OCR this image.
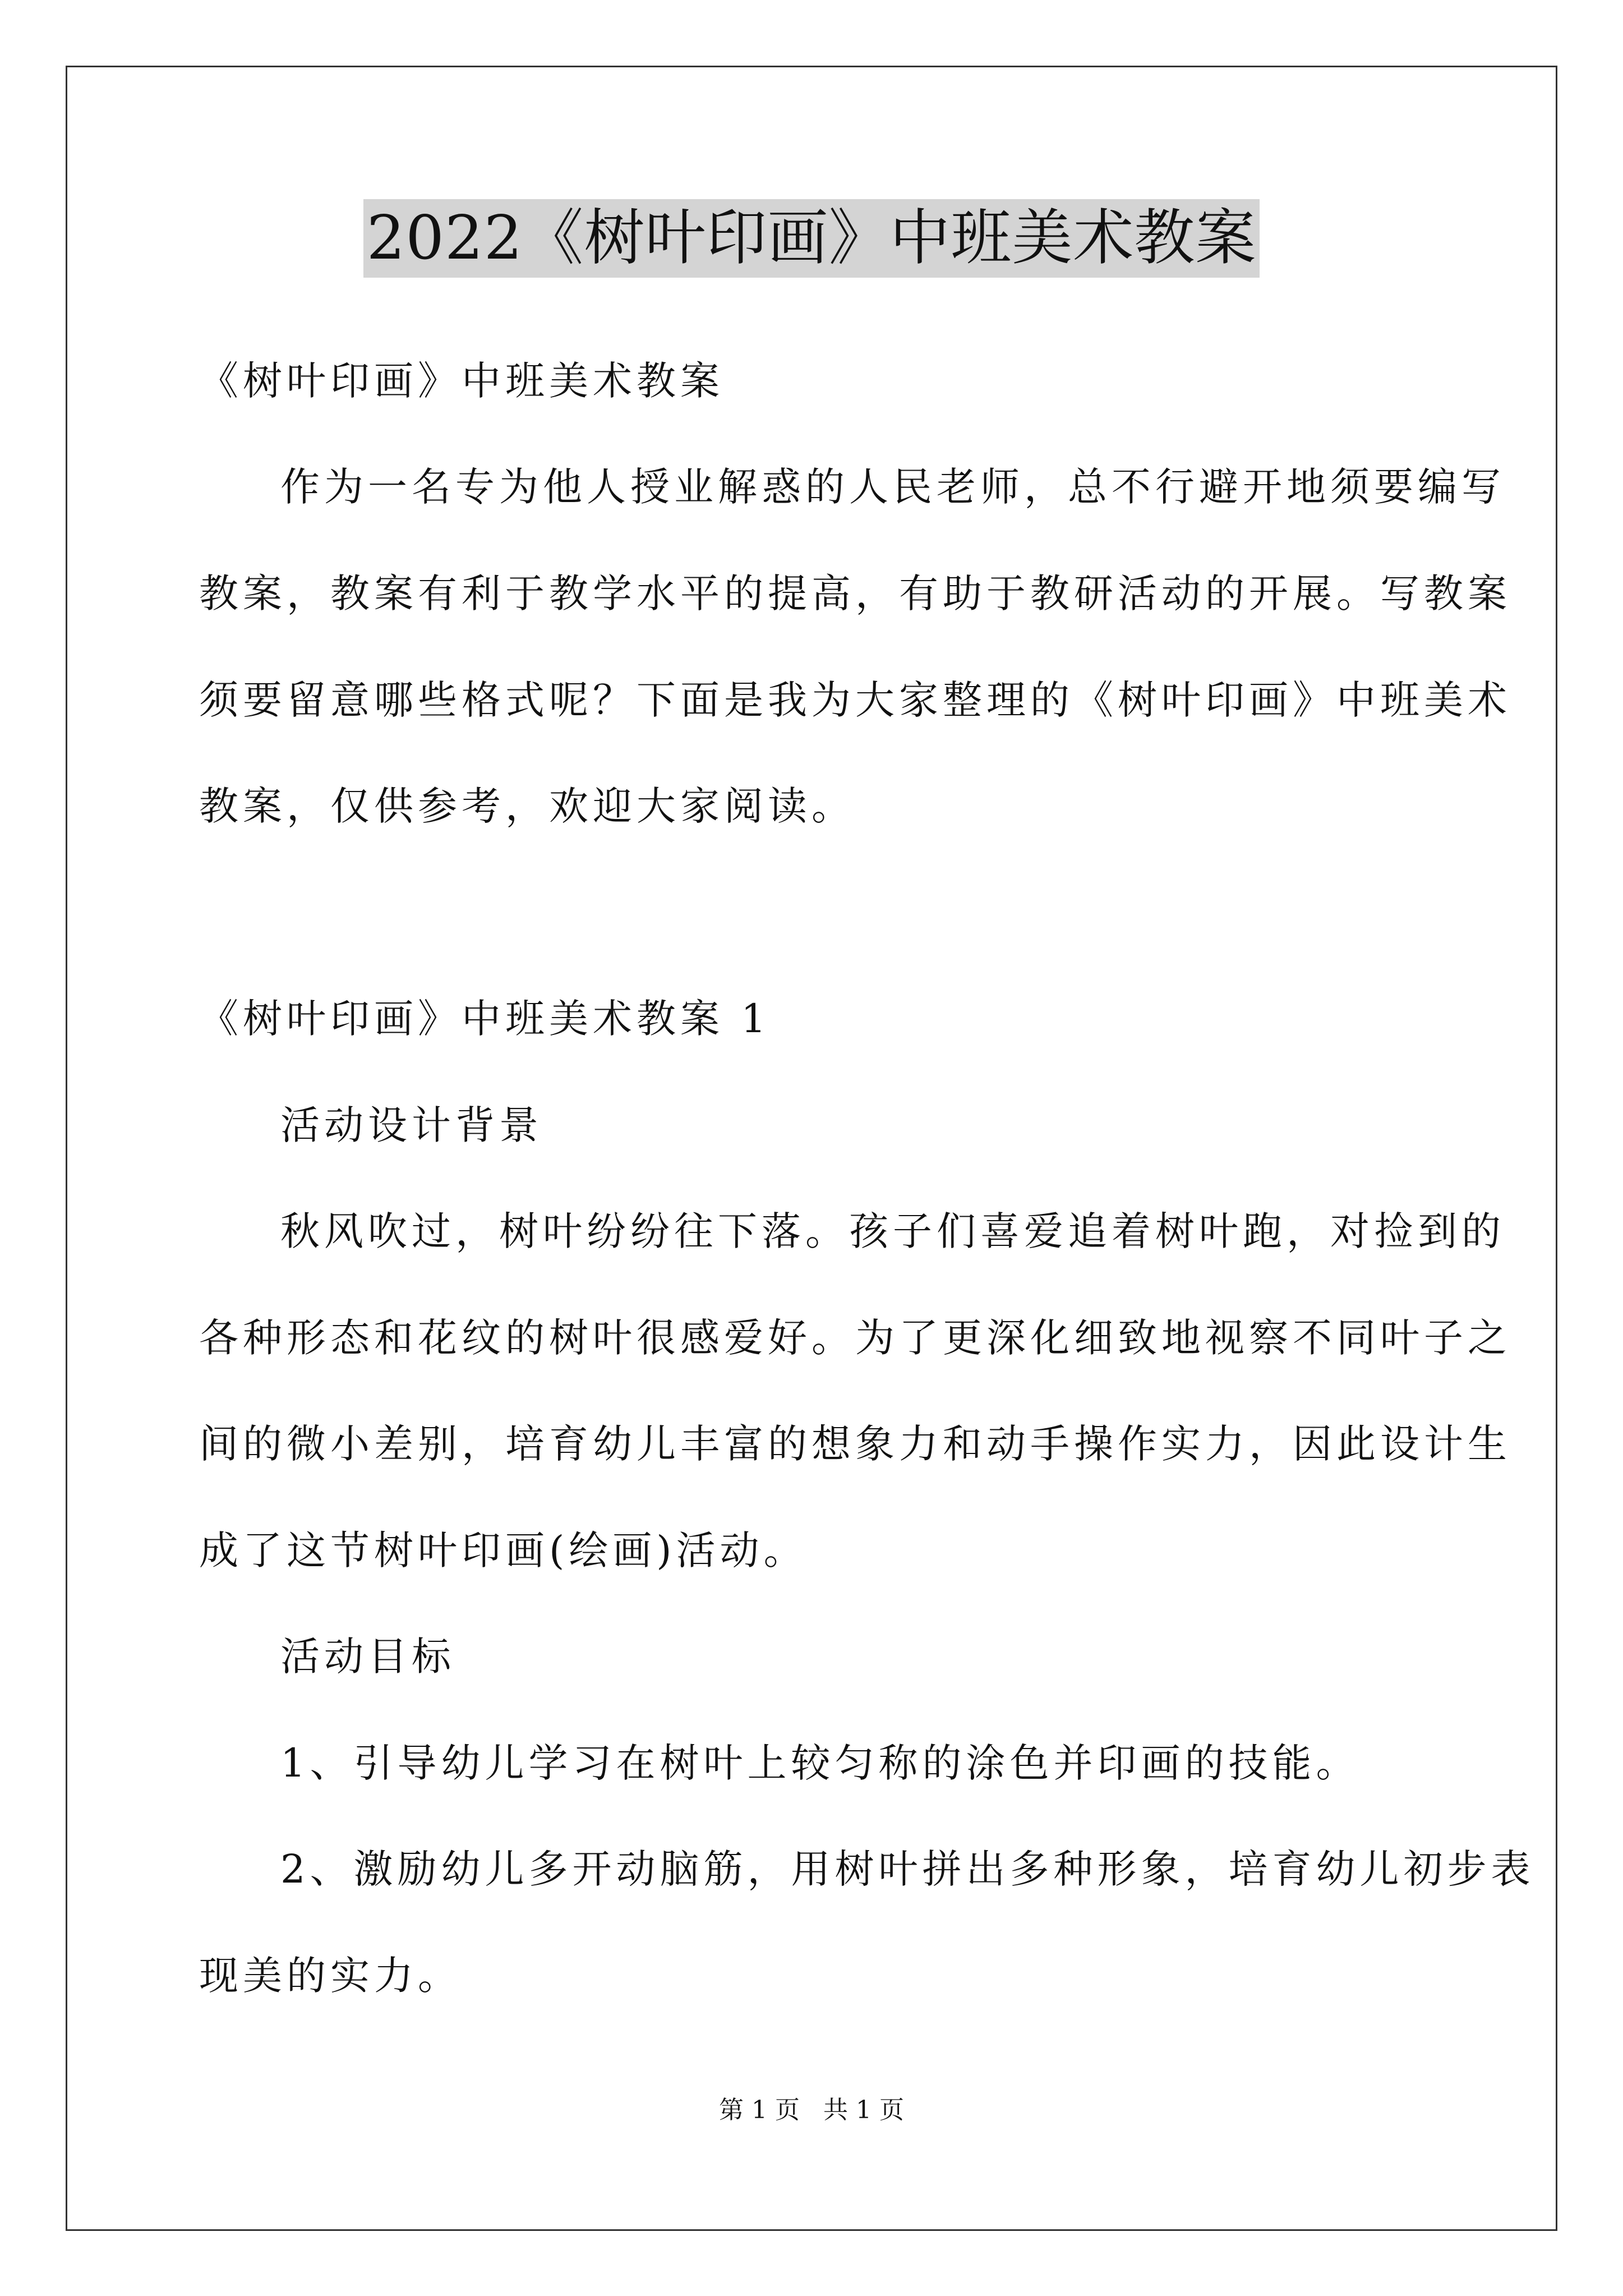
2022《树叶印画》中班美术教案
《树叶印画》中班美术教案
作为一名专为他人授业解惑的人民老师，总不行避开地须要编写
教案，教案有利于教学水平的提高，有助于教研活动的开展。写教案
须要留意哪些格式呢？下面是我为大家整理的《树叶印画》中班美术
教案，仅供参考，欢迎大家阅读。
《树叶印画》中班美术教案 1
活动设计背景
秋风吹过，树叶纷纷往下落。孩子们喜爱追着树叶跑，对捡到的
各种形态和花纹的树叶很感爱好。为了更深化细致地视察不同叶子之
间的微小差别，培育幼儿丰富的想象力和动手操作实力，因此设计生
成了这节树叶印画(绘画)活动。
活动目标
1、引导幼儿学习在树叶上较匀称的涂色并印画的技能。
2、激励幼儿多开动脑筋，用树叶拼出多种形象，培育幼儿初步表
现美的实力。
第 1 页 共 1 页
